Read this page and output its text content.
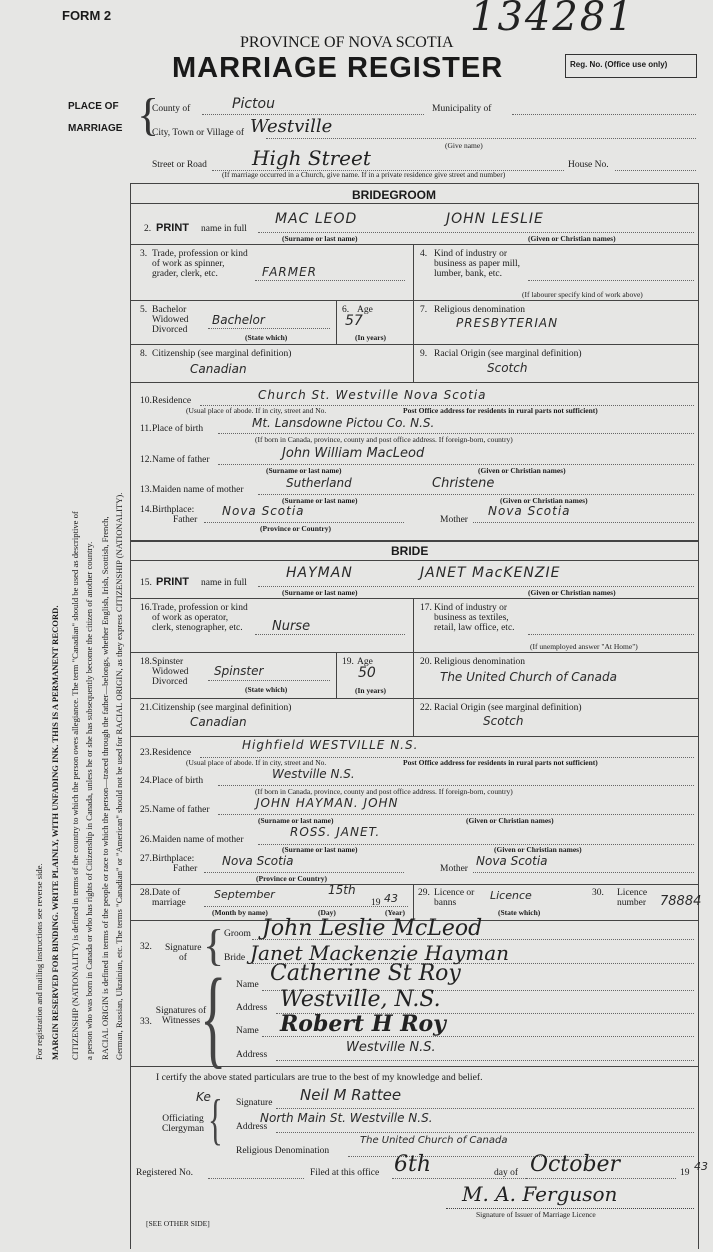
FORM 2	134281
PROVINCE OF NOVA SCOTIA
MARRIAGE REGISTER	Reg. No. (Office use only)
PLACE OF
MARRIAGE {
County of	Pictou	Municipality of
City, Town or Village of Westville
(Give name)
Street or Road High Street	House No.
(If marriage occurred in a Church, give name. If in a private residence give street and number)
For registration and mailing instructions see reverse side. MARGIN RESERVED FOR BINDING. WRITE PLAINLY, WITH UNFADING INK. THIS IS A PERMANENT RECORD. CITIZENSHIP (NATIONALITY) is defined in terms of the country to which the person owes allegiance. The term "Canadian" should be used as descriptive of a person who was born in Canada or who has rights of Citizenship in Canada, unless he or she has subsequently become the citizen of another country. RACIAL ORIGIN is defined in terms of the people or race to which the person—traced through the father—belongs, whether English, Irish, Scottish, French, German, Russian, Ukrainian, etc. The terms "Canadian" or "American" should not be used for RACIAL ORIGIN, as they express CITIZENSHIP (NATIONALITY).
BRIDEGROOM
2. PRINT name in full
MAC LEOD	JOHN LESLIE
(Surname or last name)	(Given or Christian names)
3. Trade, profession or kind of work as spinner, grader, clerk, etc.	FARMER
4. Kind of industry or business as paper mill, lumber, bank, etc.
(If labourer specify kind of work above)
5. Bachelor Widowed Divorced
Bachelor
(State which)
6. Age
57
(In years)
7. Religious denomination
PRESBYTERIAN
8. Citizenship (see marginal definition)
Canadian
9. Racial Origin (see marginal definition)
Scotch
10. Residence	Church St. Westville Nova Scotia
(Usual place of abode. If in city, street and No.	Post Office address for residents in rural parts not sufficient)
11. Place of birth	Mt. Lansdowne Pictou Co. N.S.
(If born in Canada, province, county and post office address. If foreign-born, country)
12. Name of father	John William MacLeod
(Surname or last name)	(Given or Christian names)
13. Maiden name of mother	Sutherland	Christene
(Surname or last name)	(Given or Christian names)
14. Birthplace:
Father
Nova Scotia
Mother
Nova Scotia
(Province or Country)
BRIDE
15. PRINT name in full
HAYMAN	JANET MacKENZIE
(Surname or last name)	(Given or Christian names)
16. Trade, profession or kind of work as operator, clerk, stenographer, etc.	Nurse
17. Kind of industry or business as textiles, retail, law office, etc.
(If unemployed answer "At Home")
18. Spinster Widowed Divorced
Spinster
(State which)
19. Age
50
(In years)
20. Religious denomination
The United Church of Canada
21. Citizenship (see marginal definition)
Canadian
22. Racial Origin (see marginal definition)
Scotch
23. Residence
Highfield WESTVILLE N.S.
(Usual place of abode. If in city, street and No.	Post Office address for residents in rural parts not sufficient)
24. Place of birth	Westville N.S.
(If born in Canada, province, county and post office address. If foreign-born, country)
25. Name of father	JOHN HAYMAN. JOHN
(Surname or last name)	(Given or Christian names)
26. Maiden name of mother
ROSS. JANET.
(Surname or last name)	(Given or Christian names)
27. Birthplace:
Father
Nova Scotia
Mother
Nova Scotia
(Province or Country)
28. Date of marriage
September	15th
19 43
(Month by name)	(Day)	(Year)
29. Licence or banns
Licence
(State which)
30. Licence number	78884
32. Signature of { Groom John Leslie McLeod
Bride Janet Mackenzie Hayman
33.
Signatures of Witnesses { Name Catherine St Roy
Address Westville, N.S.
Name Robert H Roy
Address	Westville N.S.
I certify the above stated particulars are true to the best of my knowledge and belief.
Ke
Officiating Clergyman { Signature Neil M Rattee
Address
North Main St. Westville N.S.
Religious Denomination
The United Church of Canada
Registered No.	Filed at this office 6th	day of October	19 43
M. A. Ferguson
Signature of Issuer of Marriage Licence
[SEE OTHER SIDE]
